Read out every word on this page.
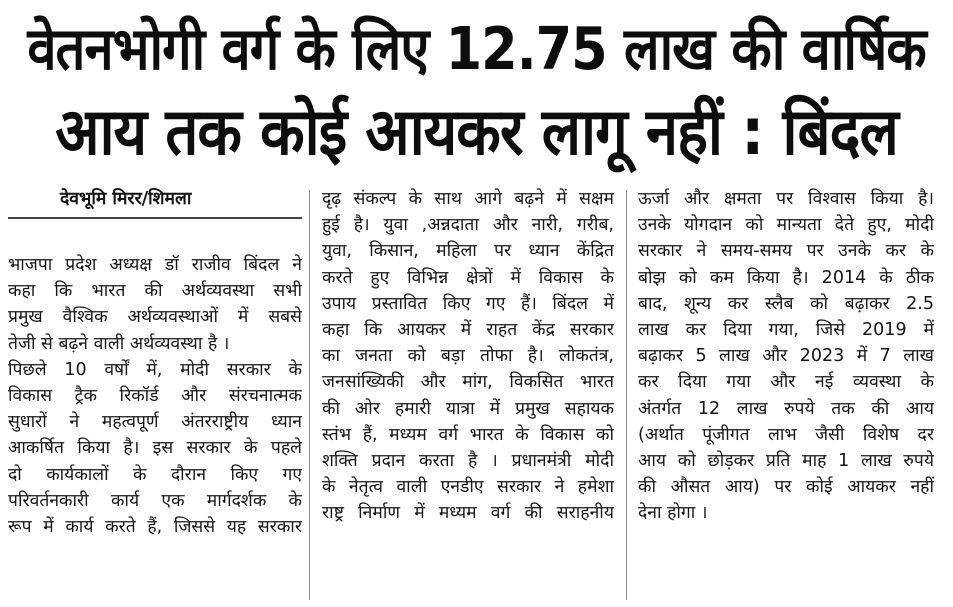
वेतनभोगी वर्ग के लिए 12.75 लाख की वार्षिक
आय तक कोई आयकर लागू नहीं : बिंदल
देवभूमि मिरर/शिमला
भाजपा प्रदेश अध्यक्ष डॉ राजीव बिंदल ने
कहा कि भारत की अर्थव्यवस्था सभी
प्रमुख वैश्विक अर्थव्यवस्थाओं में सबसे
तेजी से बढ़ने वाली अर्थव्यवस्था है ।
पिछले 10 वर्षों में, मोदी सरकार के
विकास ट्रैक रिकॉर्ड और संरचनात्मक
सुधारों ने महत्वपूर्ण अंतरराष्ट्रीय ध्यान
आकर्षित किया है। इस सरकार के पहले
दो कार्यकालों के दौरान किए गए
परिवर्तनकारी कार्य एक मार्गदर्शक के
रूप में कार्य करते हैं, जिससे यह सरकार
दृढ़ संकल्प के साथ आगे बढ़ने में सक्षम
हुई है। युवा ,अन्नदाता और नारी, गरीब,
युवा, किसान, महिला पर ध्यान केंद्रित
करते हुए विभिन्न क्षेत्रों में विकास के
उपाय प्रस्तावित किए गए हैं। बिंदल में
कहा कि आयकर में राहत केंद्र सरकार
का जनता को बड़ा तोफा है। लोकतंत्र,
जनसांख्यिकी और मांग, विकसित भारत
की ओर हमारी यात्रा में प्रमुख सहायक
स्तंभ हैं, मध्यम वर्ग भारत के विकास को
शक्ति प्रदान करता है । प्रधानमंत्री मोदी
के नेतृत्व वाली एनडीए सरकार ने हमेशा
राष्ट्र निर्माण में मध्यम वर्ग की सराहनीय
ऊर्जा और क्षमता पर विश्वास किया है।
उनके योगदान को मान्यता देते हुए, मोदी
सरकार ने समय-समय पर उनके कर के
बोझ को कम किया है। 2014 के ठीक
बाद, शून्य कर स्लैब को बढ़ाकर 2.5
लाख कर दिया गया, जिसे 2019 में
बढ़ाकर 5 लाख और 2023 में 7 लाख
कर दिया गया और नई व्यवस्था के
अंतर्गत 12 लाख रुपये तक की आय
(अर्थात पूंजीगत लाभ जैसी विशेष दर
आय को छोड़कर प्रति माह 1 लाख रुपये
की औसत आय) पर कोई आयकर नहीं
देना होगा ।
